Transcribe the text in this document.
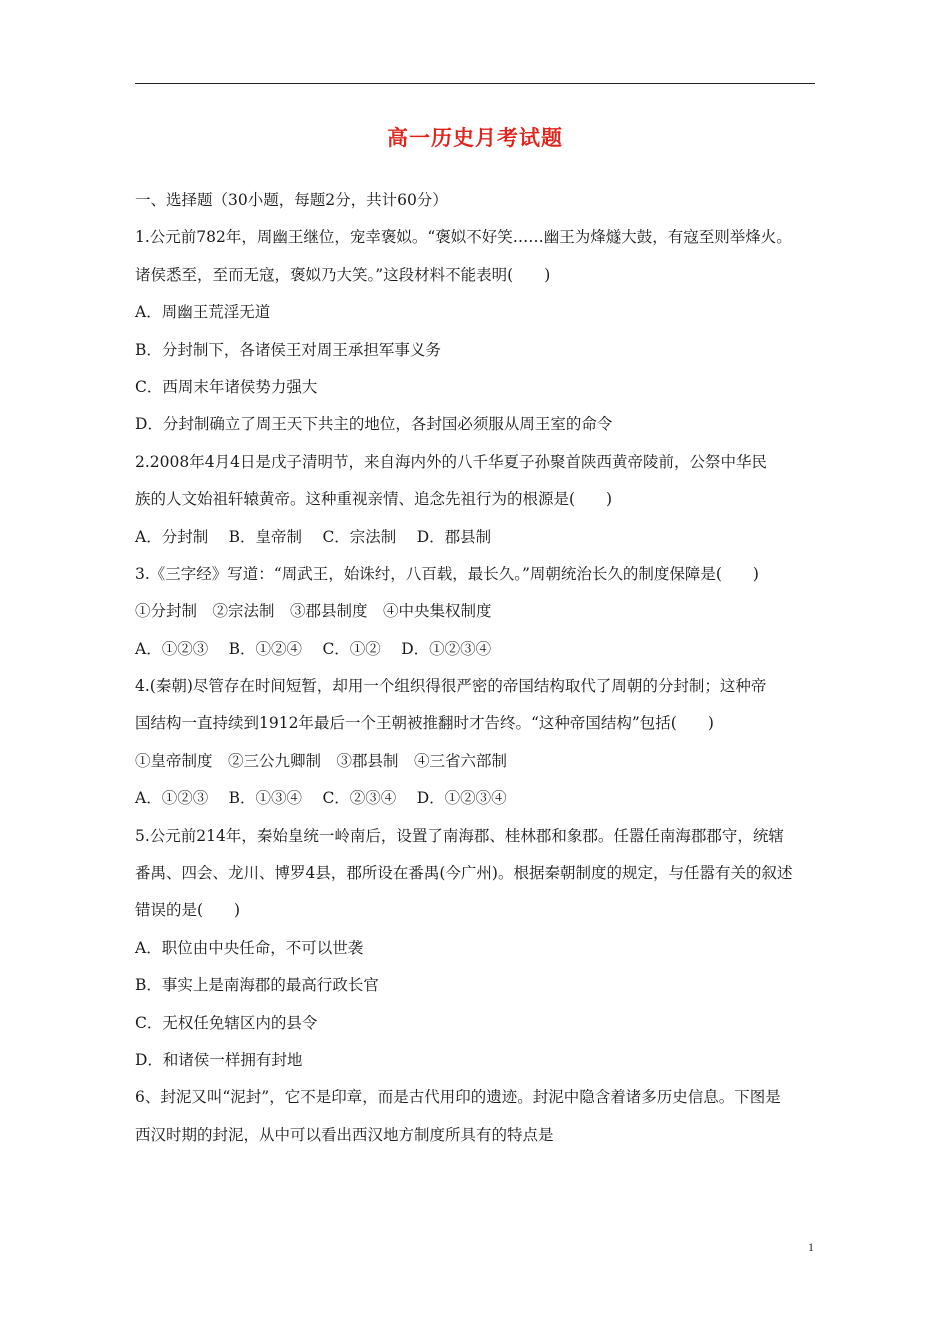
高一历史月考试题
一、选择题（30小题，每题2分，共计60分）
1.公元前782年，周幽王继位，宠幸褒姒。“褒姒不好笑……幽王为烽燧大鼓，有寇至则举烽火。
诸侯悉至，至而无寇，褒姒乃大笑。”这段材料不能表明(　　)
A．周幽王荒淫无道
B．分封制下，各诸侯王对周王承担军事义务
C．西周末年诸侯势力强大
D．分封制确立了周王天下共主的地位，各封国必须服从周王室的命令
2.2008年4月4日是戊子清明节，来自海内外的八千华夏子孙聚首陕西黄帝陵前，公祭中华民
族的人文始祖轩辕黄帝。这种重视亲情、追念先祖行为的根源是(　　)
A．分封制　 B．皇帝制　 C．宗法制　 D．郡县制
3.《三字经》写道：“周武王，始诛纣，八百载，最长久。”周朝统治长久的制度保障是(　　)
①分封制　②宗法制　③郡县制度　④中央集权制度
A．①②③　 B．①②④　 C．①②　 D．①②③④
4.(秦朝)尽管存在时间短暂，却用一个组织得很严密的帝国结构取代了周朝的分封制；这种帝
国结构一直持续到1912年最后一个王朝被推翻时才告终。“这种帝国结构”包括(　　)
①皇帝制度　②三公九卿制　③郡县制　④三省六部制
A．①②③　 B．①③④　 C．②③④　 D．①②③④
5.公元前214年，秦始皇统一岭南后，设置了南海郡、桂林郡和象郡。任嚣任南海郡郡守，统辖
番禺、四会、龙川、博罗4县，郡所设在番禺(今广州)。根据秦朝制度的规定，与任嚣有关的叙述
错误的是(　　)
A．职位由中央任命，不可以世袭
B．事实上是南海郡的最高行政长官
C．无权任免辖区内的县令
D．和诸侯一样拥有封地
6、封泥又叫“泥封”，它不是印章，而是古代用印的遗迹。封泥中隐含着诸多历史信息。下图是
西汉时期的封泥，从中可以看出西汉地方制度所具有的特点是
1
